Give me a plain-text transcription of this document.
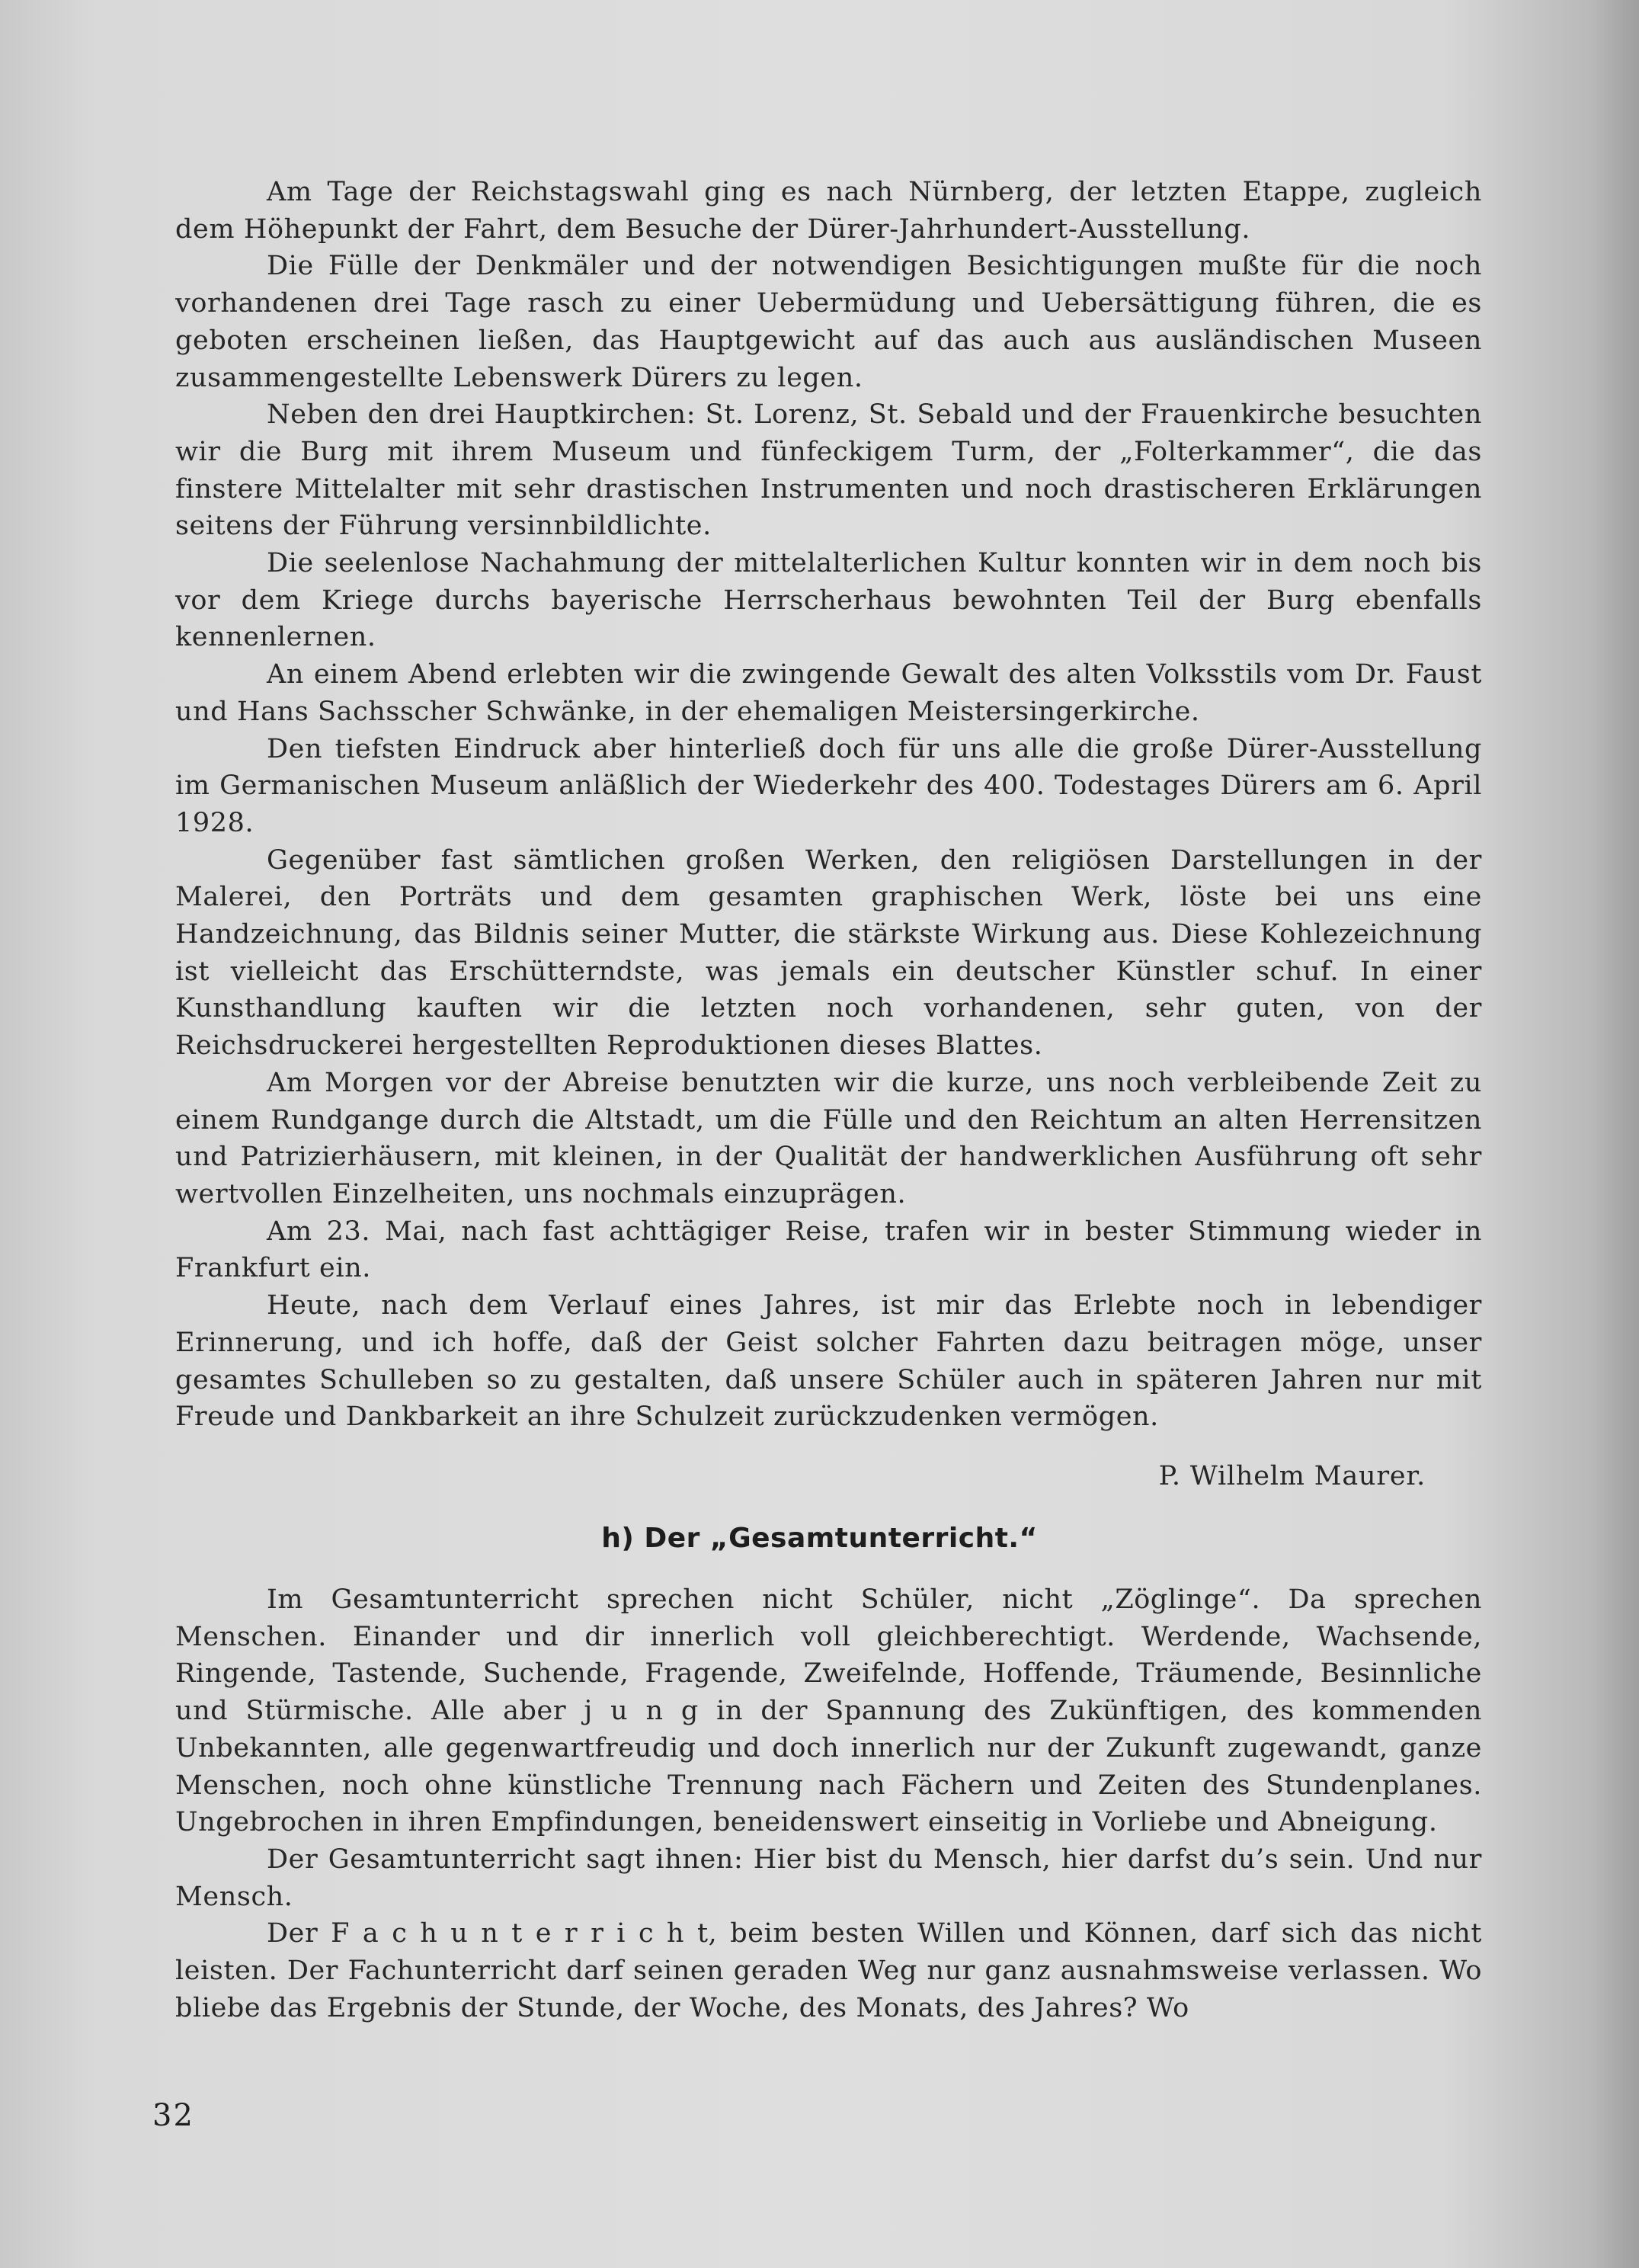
Am Tage der Reichstagswahl ging es nach Nürnberg, der letzten Etappe, zugleich dem Höhepunkt der Fahrt, dem Besuche der Dürer-Jahrhundert-Ausstellung.

Die Fülle der Denkmäler und der notwendigen Besichtigungen mußte für die noch vorhandenen drei Tage rasch zu einer Uebermüdung und Uebersättigung führen, die es geboten erscheinen ließen, das Hauptgewicht auf das auch aus ausländischen Museen zusammengestellte Lebenswerk Dürers zu legen.

Neben den drei Hauptkirchen: St. Lorenz, St. Sebald und der Frauenkirche besuchten wir die Burg mit ihrem Museum und fünfeckigem Turm, der „Folterkammer“, die das finstere Mittelalter mit sehr drastischen Instrumenten und noch drastischeren Erklärungen seitens der Führung versinnbildlichte.

Die seelenlose Nachahmung der mittelalterlichen Kultur konnten wir in dem noch bis vor dem Kriege durchs bayerische Herrscherhaus bewohnten Teil der Burg ebenfalls kennenlernen.

An einem Abend erlebten wir die zwingende Gewalt des alten Volksstils vom Dr. Faust und Hans Sachsscher Schwänke, in der ehemaligen Meistersingerkirche.

Den tiefsten Eindruck aber hinterließ doch für uns alle die große Dürer-Ausstellung im Germanischen Museum anläßlich der Wiederkehr des 400. Todestages Dürers am 6. April 1928.

Gegenüber fast sämtlichen großen Werken, den religiösen Darstellungen in der Malerei, den Porträts und dem gesamten graphischen Werk, löste bei uns eine Handzeichnung, das Bildnis seiner Mutter, die stärkste Wirkung aus. Diese Kohlezeichnung ist vielleicht das Erschütterndste, was jemals ein deutscher Künstler schuf. In einer Kunsthandlung kauften wir die letzten noch vorhandenen, sehr guten, von der Reichsdruckerei hergestellten Reproduktionen dieses Blattes.

Am Morgen vor der Abreise benutzten wir die kurze, uns noch verbleibende Zeit zu einem Rundgange durch die Altstadt, um die Fülle und den Reichtum an alten Herrensitzen und Patrizierhäusern, mit kleinen, in der Qualität der handwerklichen Ausführung oft sehr wertvollen Einzelheiten, uns nochmals einzuprägen.

Am 23. Mai, nach fast achttägiger Reise, trafen wir in bester Stimmung wieder in Frankfurt ein.

Heute, nach dem Verlauf eines Jahres, ist mir das Erlebte noch in lebendiger Erinnerung, und ich hoffe, daß der Geist solcher Fahrten dazu beitragen möge, unser gesamtes Schulleben so zu gestalten, daß unsere Schüler auch in späteren Jahren nur mit Freude und Dankbarkeit an ihre Schulzeit zurückzudenken vermögen.

P. Wilhelm Maurer.
h) Der „Gesamtunterricht.“

Im Gesamtunterricht sprechen nicht Schüler, nicht „Zöglinge“. Da sprechen Menschen. Einander und dir innerlich voll gleichberechtigt. Werdende, Wachsende, Ringende, Tastende, Suchende, Fragende, Zweifelnde, Hoffende, Träumende, Besinnliche und Stürmische. Alle aber j u n g in der Spannung des Zukünftigen, des kommenden Unbekannten, alle gegenwartfreudig und doch innerlich nur der Zukunft zugewandt, ganze Menschen, noch ohne künstliche Trennung nach Fächern und Zeiten des Stundenplanes. Ungebrochen in ihren Empfindungen, beneidenswert einseitig in Vorliebe und Abneigung.

Der Gesamtunterricht sagt ihnen: Hier bist du Mensch, hier darfst du’s sein. Und nur Mensch.

Der F a c h u n t e r r i c h t, beim besten Willen und Können, darf sich das nicht leisten. Der Fachunterricht darf seinen geraden Weg nur ganz ausnahmsweise verlassen. Wo bliebe das Ergebnis der Stunde, der Woche, des Monats, des Jahres? Wo

32
